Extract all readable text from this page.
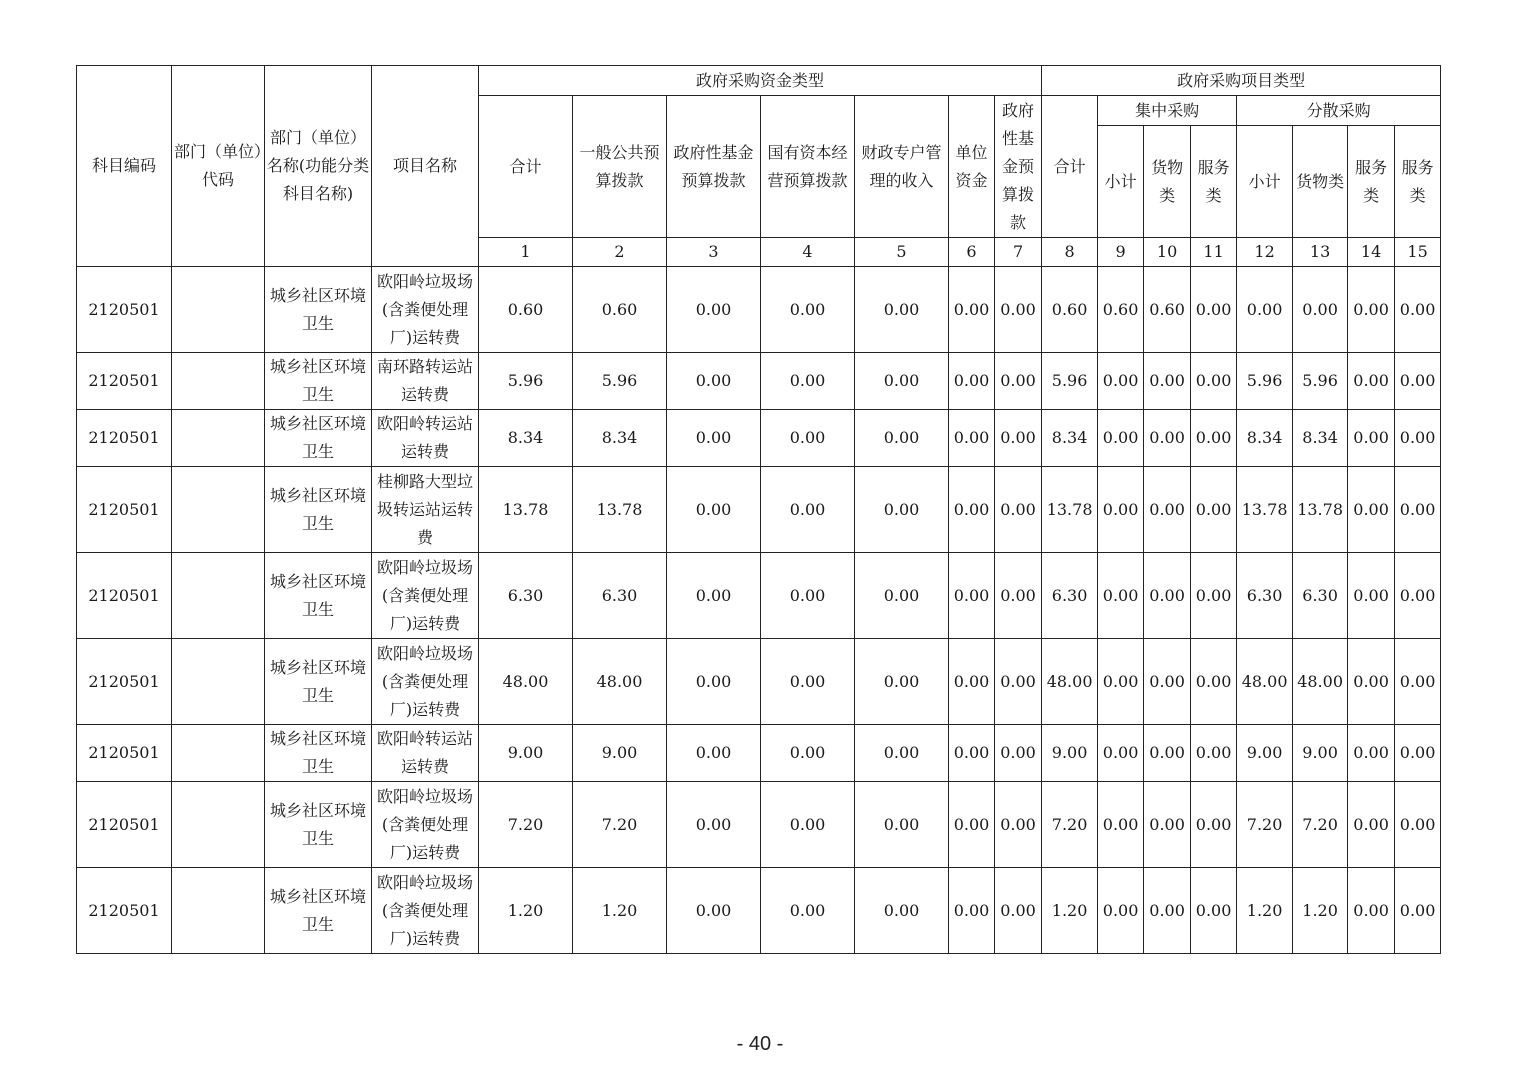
科目编码	部门（单位）代码	部门（单位）名称(功能分类科目名称)	项目名称	政府采购资金类型							政府采购项目类型							
				合计	一般公共预算拨款	政府性基金预算拨款	国有资本经营预算拨款	财政专户管理的收入	单位资金	政府性基金预算拨款	合计	集中采购			分散采购			
												小计	货物类	服务类	小计	货物类	服务类	服务类
				1	2	3	4	5	6	7	8	9	10	11	12	13	14	15
2120501		城乡社区环境卫生	欧阳岭垃圾场(含粪便处理厂)运转费	0.60	0.60	0.00	0.00	0.00	0.00	0.00	0.60	0.60	0.60	0.00	0.00	0.00	0.00	0.00
2120501		城乡社区环境卫生	南环路转运站运转费	5.96	5.96	0.00	0.00	0.00	0.00	0.00	5.96	0.00	0.00	0.00	5.96	5.96	0.00	0.00
2120501		城乡社区环境卫生	欧阳岭转运站运转费	8.34	8.34	0.00	0.00	0.00	0.00	0.00	8.34	0.00	0.00	0.00	8.34	8.34	0.00	0.00
2120501		城乡社区环境卫生	桂柳路大型垃圾转运站运转费	13.78	13.78	0.00	0.00	0.00	0.00	0.00	13.78	0.00	0.00	0.00	13.78	13.78	0.00	0.00
2120501		城乡社区环境卫生	欧阳岭垃圾场(含粪便处理厂)运转费	6.30	6.30	0.00	0.00	0.00	0.00	0.00	6.30	0.00	0.00	0.00	6.30	6.30	0.00	0.00
2120501		城乡社区环境卫生	欧阳岭垃圾场(含粪便处理厂)运转费	48.00	48.00	0.00	0.00	0.00	0.00	0.00	48.00	0.00	0.00	0.00	48.00	48.00	0.00	0.00
2120501		城乡社区环境卫生	欧阳岭转运站运转费	9.00	9.00	0.00	0.00	0.00	0.00	0.00	9.00	0.00	0.00	0.00	9.00	9.00	0.00	0.00
2120501		城乡社区环境卫生	欧阳岭垃圾场(含粪便处理厂)运转费	7.20	7.20	0.00	0.00	0.00	0.00	0.00	7.20	0.00	0.00	0.00	7.20	7.20	0.00	0.00
2120501		城乡社区环境卫生	欧阳岭垃圾场(含粪便处理厂)运转费	1.20	1.20	0.00	0.00	0.00	0.00	0.00	1.20	0.00	0.00	0.00	1.20	1.20	0.00	0.00
- 40 -
